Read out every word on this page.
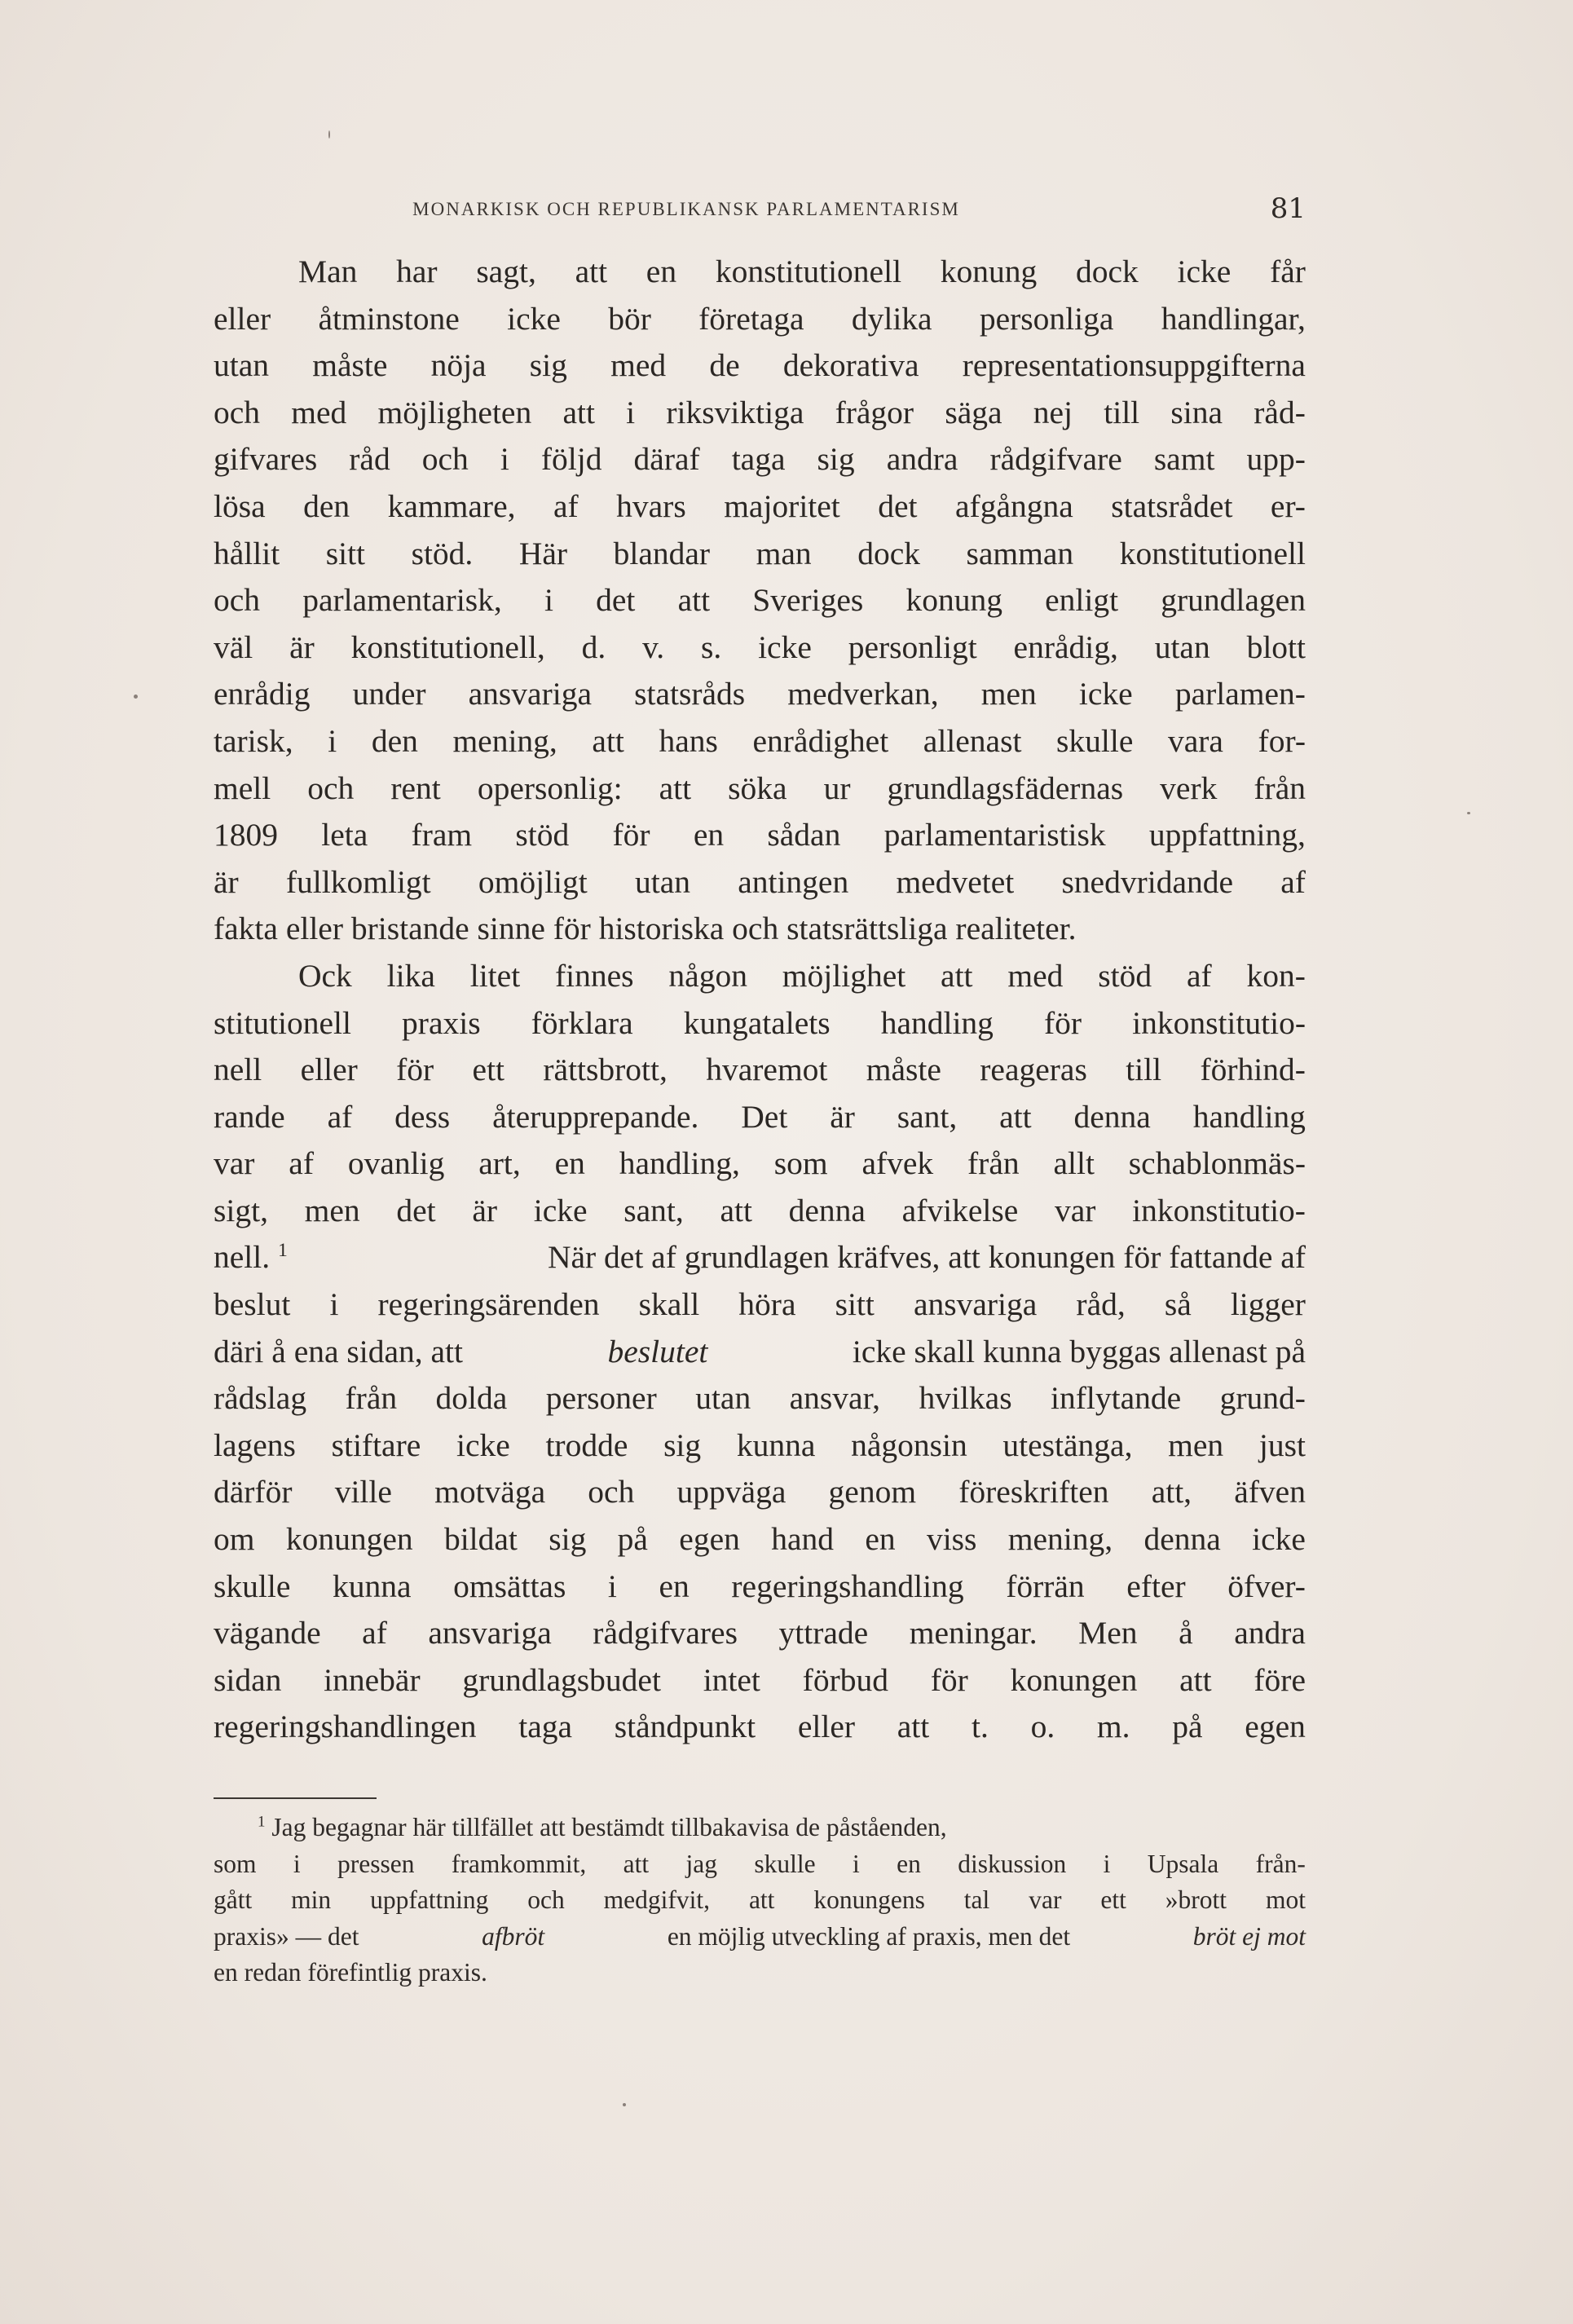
MONARKISK OCH REPUBLIKANSK PARLAMENTARISM	81
Man har sagt, att en konstitutionell konung dock icke får
eller åtminstone icke bör företaga dylika personliga handlingar,
utan måste nöja sig med de dekorativa representationsuppgifterna
och med möjligheten att i riksviktiga frågor säga nej till sina råd-
gifvares råd och i följd däraf taga sig andra rådgifvare samt upp-
lösa den kammare, af hvars majoritet det afgångna statsrådet er-
hållit sitt stöd. Här blandar man dock samman konstitutionell
och parlamentarisk, i det att Sveriges konung enligt grundlagen
väl är konstitutionell, d. v. s. icke personligt enrådig, utan blott
enrådig under ansvariga statsråds medverkan, men icke parlamen-
tarisk, i den mening, att hans enrådighet allenast skulle vara for-
mell och rent opersonlig: att söka ur grundlagsfädernas verk från
1809 leta fram stöd för en sådan parlamentaristisk uppfattning,
är fullkomligt omöjligt utan antingen medvetet snedvridande af
fakta eller bristande sinne för historiska och statsrättsliga realiteter.
Ock lika litet finnes någon möjlighet att med stöd af kon-
stitutionell praxis förklara kungatalets handling för inkonstitutio-
nell eller för ett rättsbrott, hvaremot måste reageras till förhind-
rande af dess återupprepande. Det är sant, att denna handling
var af ovanlig art, en handling, som afvek från allt schablonmäs-
sigt, men det är icke sant, att denna afvikelse var inkonstitutio-
nell. $^1$	När det af grundlagen kräfves, att konungen för fattande af
beslut i regeringsärenden skall höra sitt ansvariga råd, så ligger
däri å ena sidan, att	beslutet	icke skall kunna byggas allenast på
rådslag från dolda personer utan ansvar, hvilkas inflytande grund-
lagens stiftare icke trodde sig kunna någonsin utestänga, men just
därför ville motväga och uppväga genom föreskriften att, äfven
om konungen bildat sig på egen hand en viss mening, denna icke
skulle kunna omsättas i en regeringshandling förrän efter öfver-
vägande af ansvariga rådgifvares yttrade meningar. Men å andra
sidan innebär grundlagsbudet intet förbud för konungen att före
regeringshandlingen taga ståndpunkt eller att t. o. m. på egen
$^1$ Jag begagnar här tillfället att bestämdt tillbakavisa de påståenden,
som i pressen framkommit, att jag skulle i en diskussion i Upsala från-
gått min uppfattning och medgifvit, att konungens tal var ett »brott mot
praxis» — det	afbröt	en möjlig utveckling af praxis, men det	bröt ej mot
en redan förefintlig praxis.
